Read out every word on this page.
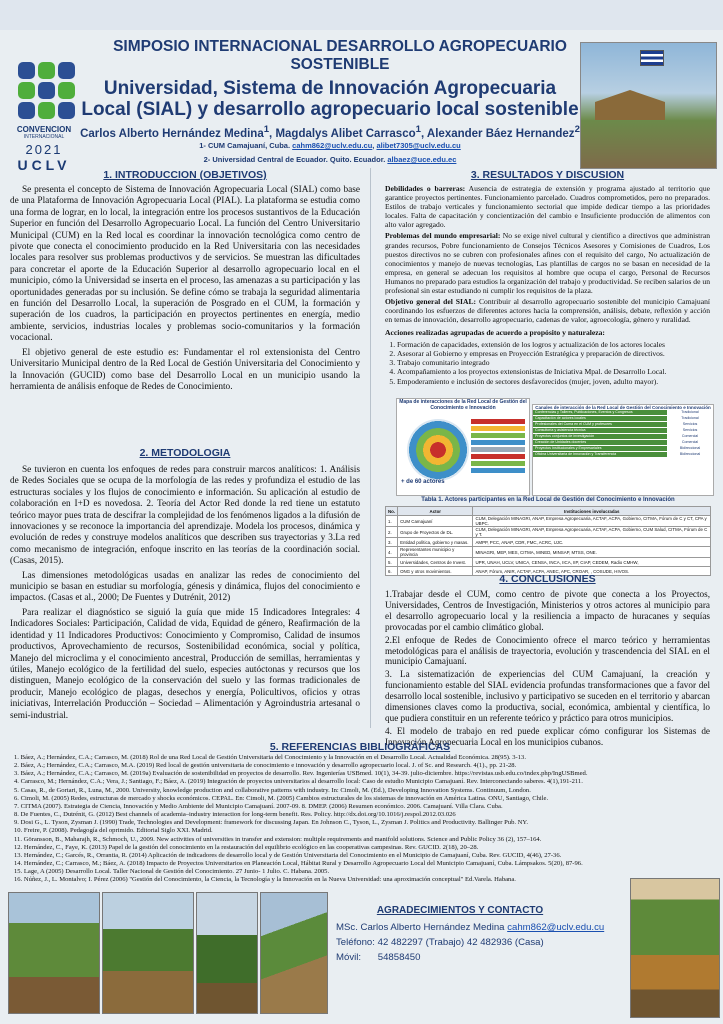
SIMPOSIO INTERNACIONAL DESARROLLO AGROPECUARIO SOSTENIBLE
CONVENCION
INTERNACIONAL
2021
UCLV
Universidad, Sistema de Innovación Agropecuaria Local (SIAL) y desarrollo agropecuario local sostenible
Carlos Alberto Hernández Medina$^1$, Magdalys Alibet Carrasco$^1$, Alexander Báez Hernandez$^2$
1- CUM Camajuaní, Cuba. cahm862@uclv.edu.cu, alibet7305@uclv.edu.cu
2- Universidad Central de Ecuador. Quito. Ecuador. albaez@uce.edu.ec
1. INTRODUCCION (OBJETIVOS)

Se presenta el concepto de Sistema de Innovación Agropecuaria Local (SIAL) como base de una Plataforma de Innovación Agropecuaria Local (PIAL). La plataforma se estudia como una forma de lograr, en lo local, la integración entre los procesos sustantivos de la Educación Superior en función del Desarrollo Agropecuario Local. La función del Centro Universitario Municipal (CUM) en la Red local es coordinar la innovación tecnológica como centro de pivote que conecta el conocimiento producido en la Red Universitaria con las necesidades locales para resolver sus problemas productivos y de servicios. Se muestran las dificultades para concretar el aporte de la Educación Superior al desarrollo agropecuario local en el municipio, cómo la Universidad se inserta en el proceso, las amenazas a su participación y las oportunidades generadas por su inclusión. Se define cómo se trabaja la seguridad alimentaria en función del Desarrollo Local, la superación de Posgrado en el CUM, la formación y superación de los cuadros, la participación en proyectos pertinentes en energía, medio ambiente, servicios, industrias locales y problemas socio-comunitarios y la formación vocacional.

El objetivo general de este estudio es: Fundamentar el rol extensionista del Centro Universitario Municipal dentro de la Red Local de Gestión Universitaria del Conocimiento y la Innovación (GUCID) como base del Desarrollo Local en un municipio usando la herramienta de análisis enfoque de Redes de Conocimiento.

2. METODOLOGIA

Se tuvieron en cuenta los enfoques de redes para construir marcos analíticos: 1. Análisis de Redes Sociales que se ocupa de la morfología de las redes y profundiza el estudio de las estructuras sociales y los flujos de conocimiento e información. Su aplicación al estudio de colaboración en I+D es novedosa. 2. Teoría del Actor Red donde la red tiene un estatuto teórico mayor pues trata de descifrar la complejidad de los fenómenos ligados a la difusión de innovaciones y se reconoce la importancia del aprendizaje. Modela los procesos, dinámica y evolución de redes y construye modelos analíticos que describen sus trayectorias y 3.La red como mecanismo de integración, enfoque inscrito en las teorías de la coordinación social. (Casas, 2015).

Las dimensiones metodológicas usadas en analizar las redes de conocimiento del municipio se basan en estudiar su morfología, génesis y dinámica, flujos del conocimiento e impactos. (Casas et al., 2000; De Fuentes y Dutrénit, 2012)

Para realizar el diagnóstico se siguió la guía que mide 15 Indicadores Integrales: 4 Indicadores Sociales: Participación, Calidad de vida, Equidad de género, Reafirmación de la identidad y 11 Indicadores Productivos: Conocimiento y Compromiso, Calidad de insumos productivos, Aprovechamiento de recursos, Sostenibilidad económica, social y política, Manejo del microclima y el conocimiento ancestral, Producción de semillas, herramientas y útiles, Manejo ecológico de la fertilidad del suelo, especies autóctonas y recursos que los distinguen, Manejo ecológico de la conservación del suelo y las formas tradicionales de producir, Manejo ecológico de plagas, desechos y energía, Policultivos, oficios y otras iniciativas, Interrelación Producción – Sociedad – Alimentación y Agroindustria artesanal o semi-industrial.

3. RESULTADOS Y DISCUSION

Debilidades o barreras: Ausencia de estrategia de extensión y programa ajustado al territorio que garantice proyectos pertinentes. Funcionamiento parcelado. Cuadros comprometidos, pero no preparados. Estilos de trabajo verticales y funcionamiento sectorial que impide dedicar tiempo a las prioridades locales. Falta de capacitación y concientización del cambio e Insuficiente producción de alimentos con alto valor agregado.

Problemas del mundo empresarial: No se exige nivel cultural y científico a directivos que administran grandes recursos, Pobre funcionamiento de Consejos Técnicos Asesores y Comisiones de Cuadros, Los puestos directivos no se cubren con profesionales afines con el requisito del cargo, No actualización de conocimientos y manejo de nuevas tecnologías, Las plantillas de cargos no se basan en necesidad de la empresa, en general se adecuan los requisitos al hombre que ocupa el cargo, Personal de Recursos Humanos no preparado para estudios la organización del trabajo y productividad. Se reciben salarios de un profesional sin estar estudiando ni cumplir los requisitos de la plaza.

Objetivo general del SIAL: Contribuir al desarrollo agropecuario sostenible del municipio Camajuaní coordinando los esfuerzos de diferentes actores hacia la comprensión, análisis, debate, reflexión y acción en temas de innovación, desarrollo agropecuario, cadenas de valor, agroecología, género y ruralidad.

Acciones realizadas agrupadas de acuerdo a propósito y naturaleza:

1. Formación de capacidades, extensión de los logros y actualización de los actores locales
2. Asesorar al Gobierno y empresas en Proyección Estratégica y preparación de directivos.
3. Trabajo comunitario integrado
4. Acompañamiento a los proyectos extensionistas de Iniciativa Mpal. de Desarrollo Local.
5. Empoderamiento e inclusión de sectores desfavorecidos (mujer, joven, adulto mayor).
Mapa de interacciones de la Red Local de Gestión del Conocimiento e Innovación
+ de 60 actores
Canales de interacción de la Red Local de Gestión del Conocimiento e Innovación
Conferencias y Talleres, Publicaciones, Eventos y Congresos	Tradicional
Capacitación de actores locales	Tradicional
Profesionales del Cuma en el CUM y profesores	Servicios
Consultoría y asistencia técnica	Servicios
Proyectos conjuntos de investigación	Comercial
Creación de Unidades docentes	Comercial
Proyectos Institucionales y Empresariales	Bidireccional
Oficina Universitaria de Innovación y Transferencia	Bidireccional
Tabla 1. Actores participantes en la Red Local de Gestión del Conocimiento e Innovación
No.	Actor	Instituciones involucradas
1.	CUM Camajuaní	CUM, Delegación MINAGRI, ANAP, Empresa Agropecuaria, ACTAF, ACPA, Gobierno, CITMA, Fórum de C y CT, CPA y UBPC.
2.	Grupo de Proyectos de DL.	CUM, Delegación MINAGRI, ANAP, Empresa Agropecuaria, ACTAF, ACPA, Gobierno, CUM Salud, CITMA, Fórum de C y T.
3.	Entidad política, gobierno y masas.	AMPP, PCC, ANAP, CDR, FMC, ACRC, UJC.
4.	Representantes municipio y provincia	MINAGRI, MEP, MES, CITMA, MINED, MINSAP, MTSS, ONE.
5.	Universidades, Centros de Invest.	UPR, UNAH, UCLV, UNICA, CENSA, INCA, IICA, IIP, CIAP, CEDEM, Radio CMHW,
6.	ONG y otros movimientos.	ANAP, Fórum, ANIR, ACTAF, ACPA, ANEC, APC, CROAR, , COSUDE, HIVOS.
4. CONCLUSIONES

1.Trabajar desde el CUM, como centro de pivote que conecta a los Proyectos, Universidades, Centros de Investigación, Ministerios y otros actores al municipio para el desarrollo agropecuario local y la resiliencia a impacto de huracanes y sequías provocadas por el cambio climático global.

2.El enfoque de Redes de Conocimiento ofrece el marco teórico y herramientas metodológicas para el análisis de trayectoria, evolución y trascendencia del SIAL en el municipio Camajuaní.

3. La sistematización de experiencias del CUM Camajuaní, la creación y funcionamiento estable del SIAL evidencia profundas transformaciones que a favor del desarrollo local sostenible, inclusivo y participativo se suceden en el territorio y abarcan dimensiones claves como la productiva, social, económica, ambiental y científica, lo que pudiera constituir en un referente teórico y práctico para otros municipios.

4. El modelo de trabajo en red puede explicar cómo configurar los Sistemas de Innovación Agropecuaria Local en los municipios cubanos.

5. REFERENCIAS BIBLIOGRÁFICAS
1. Báez, A.; Hernández, C.A.; Carrasco, M. (2018) Rol de una Red Local de Gestión Universitaria del Conocimiento y la Innovación en el Desarrollo Local. Actualidad Económica. 28(95). 3-13.
2. Báez, A.; Hernández, C.A.; Carrasco, M.A. (2019) Red local de gestión universitaria de conocimiento e innovación y desarrollo agropecuario local. J. of Sc. and Research. 4(1)., pp. 21-28.
3. Báez, A.; Hernández, C.A.; Carrasco, M. (2019a) Evaluación de sostenibilidad en proyectos de desarrollo. Rev. Ingenierías USBmed. 10(1), 34-39. julio-diciembre. https://revistas.usb.edu.co/index.php/IngUSBmed.
4. Carrasco, M.; Hernández, C.A.; Vera, J.; Santiago, F.; Báez, A. (2019) Integración de proyectos universitarios al desarrollo local: Caso de estudio Municipio Camajuaní. Rev. Interconectando saberes. 4(1),191-211.
5. Casas, R., de Gortari, R., Luna, M., 2000. University, knowledge production and collaborative patterns with industry. In: Cimoli, M. (Ed.), Developing Innovation Systems. Continuum, London.
6. Cimoli, M. (2005) Redes, estructuras de mercado y shocks económicos. CEPAL. En: Cimoli, M. (2005) Cambios estructurales de los sistemas de innovación en América Latina. ONU, Santiago, Chile.
7. CITMA (2007). Estrategia de Ciencia, Innovación y Medio Ambiente del Municipio Camajuaní. 2007-09. 8. DMEP. (2006) Resumen económico. 2006. Camajuaní. Villa Clara. Cuba.
8. De Fuentes, C., Dutrénit, G. (2012) Best channels of academia–industry interaction for long-term benefit. Res. Policy. http://dx.doi.org/10.1016/j.respol.2012.03.026
9. Dosi G., L. Tyson, Zysman J. (1990) Trade, Technologies and Development: framework for discussing Japan. En Johnson C., Tyson, L., Zysman J. Politics and Productivity. Ballinger Pub. NY.
10. Freire, P. (2008). Pedagogía del oprimido. Editorial Siglo XXI. Madrid.
11. Göransson, B., Maharajh, R., Schmoch, U., 2009. New activities of universities in transfer and extension: multiple requirements and manifold solutions. Science and Public Policy 36 (2), 157–164.
12. Hernández, C., Faye, K. (2013) Papel de la gestión del conocimiento en la restauración del equilibrio ecológico en las cooperativas campesinas. Rev. GUCID. 2(18), 20–28.
13. Hernández, C.; Garcés, R., Orrantia, R. (2014) Aplicación de indicadores de desarrollo local y de Gestión Universitaria del Conocimiento en el Municipio de Camajuaní, Cuba. Rev. GUCID, 4(46), 27-36.
14. Hernández, C.; Carrasco, M.; Báez, A. (2018) Impacto de Proyectos Universitarios en Planeación Local, Hábitat Rural y Desarrollo Agropecuario Local del Municipio Camajuaní, Cuba. Lámpsakos. 5(20), 87-96.
15. Lage, A (2005) Desarrollo Local. Taller Nacional de Gestión del Conocimiento. 27 Junio- 1 Julio. C. Habana. 2005.
16. Núñez, J., L. Montalvo; I. Pérez (2006) "Gestión del Conocimiento, la Ciencia, la Tecnología y la Innovación en la Nueva Universidad: una aproximación conceptual" Ed.Varela. Habana.
AGRADECIMIENTOS Y CONTACTO
MSc. Carlos Alberto Hernández Medina cahm862@uclv.edu.cu
Teléfono: 42 482297 (Trabajo) 42 482936 (Casa)
Móvil: 54858450
